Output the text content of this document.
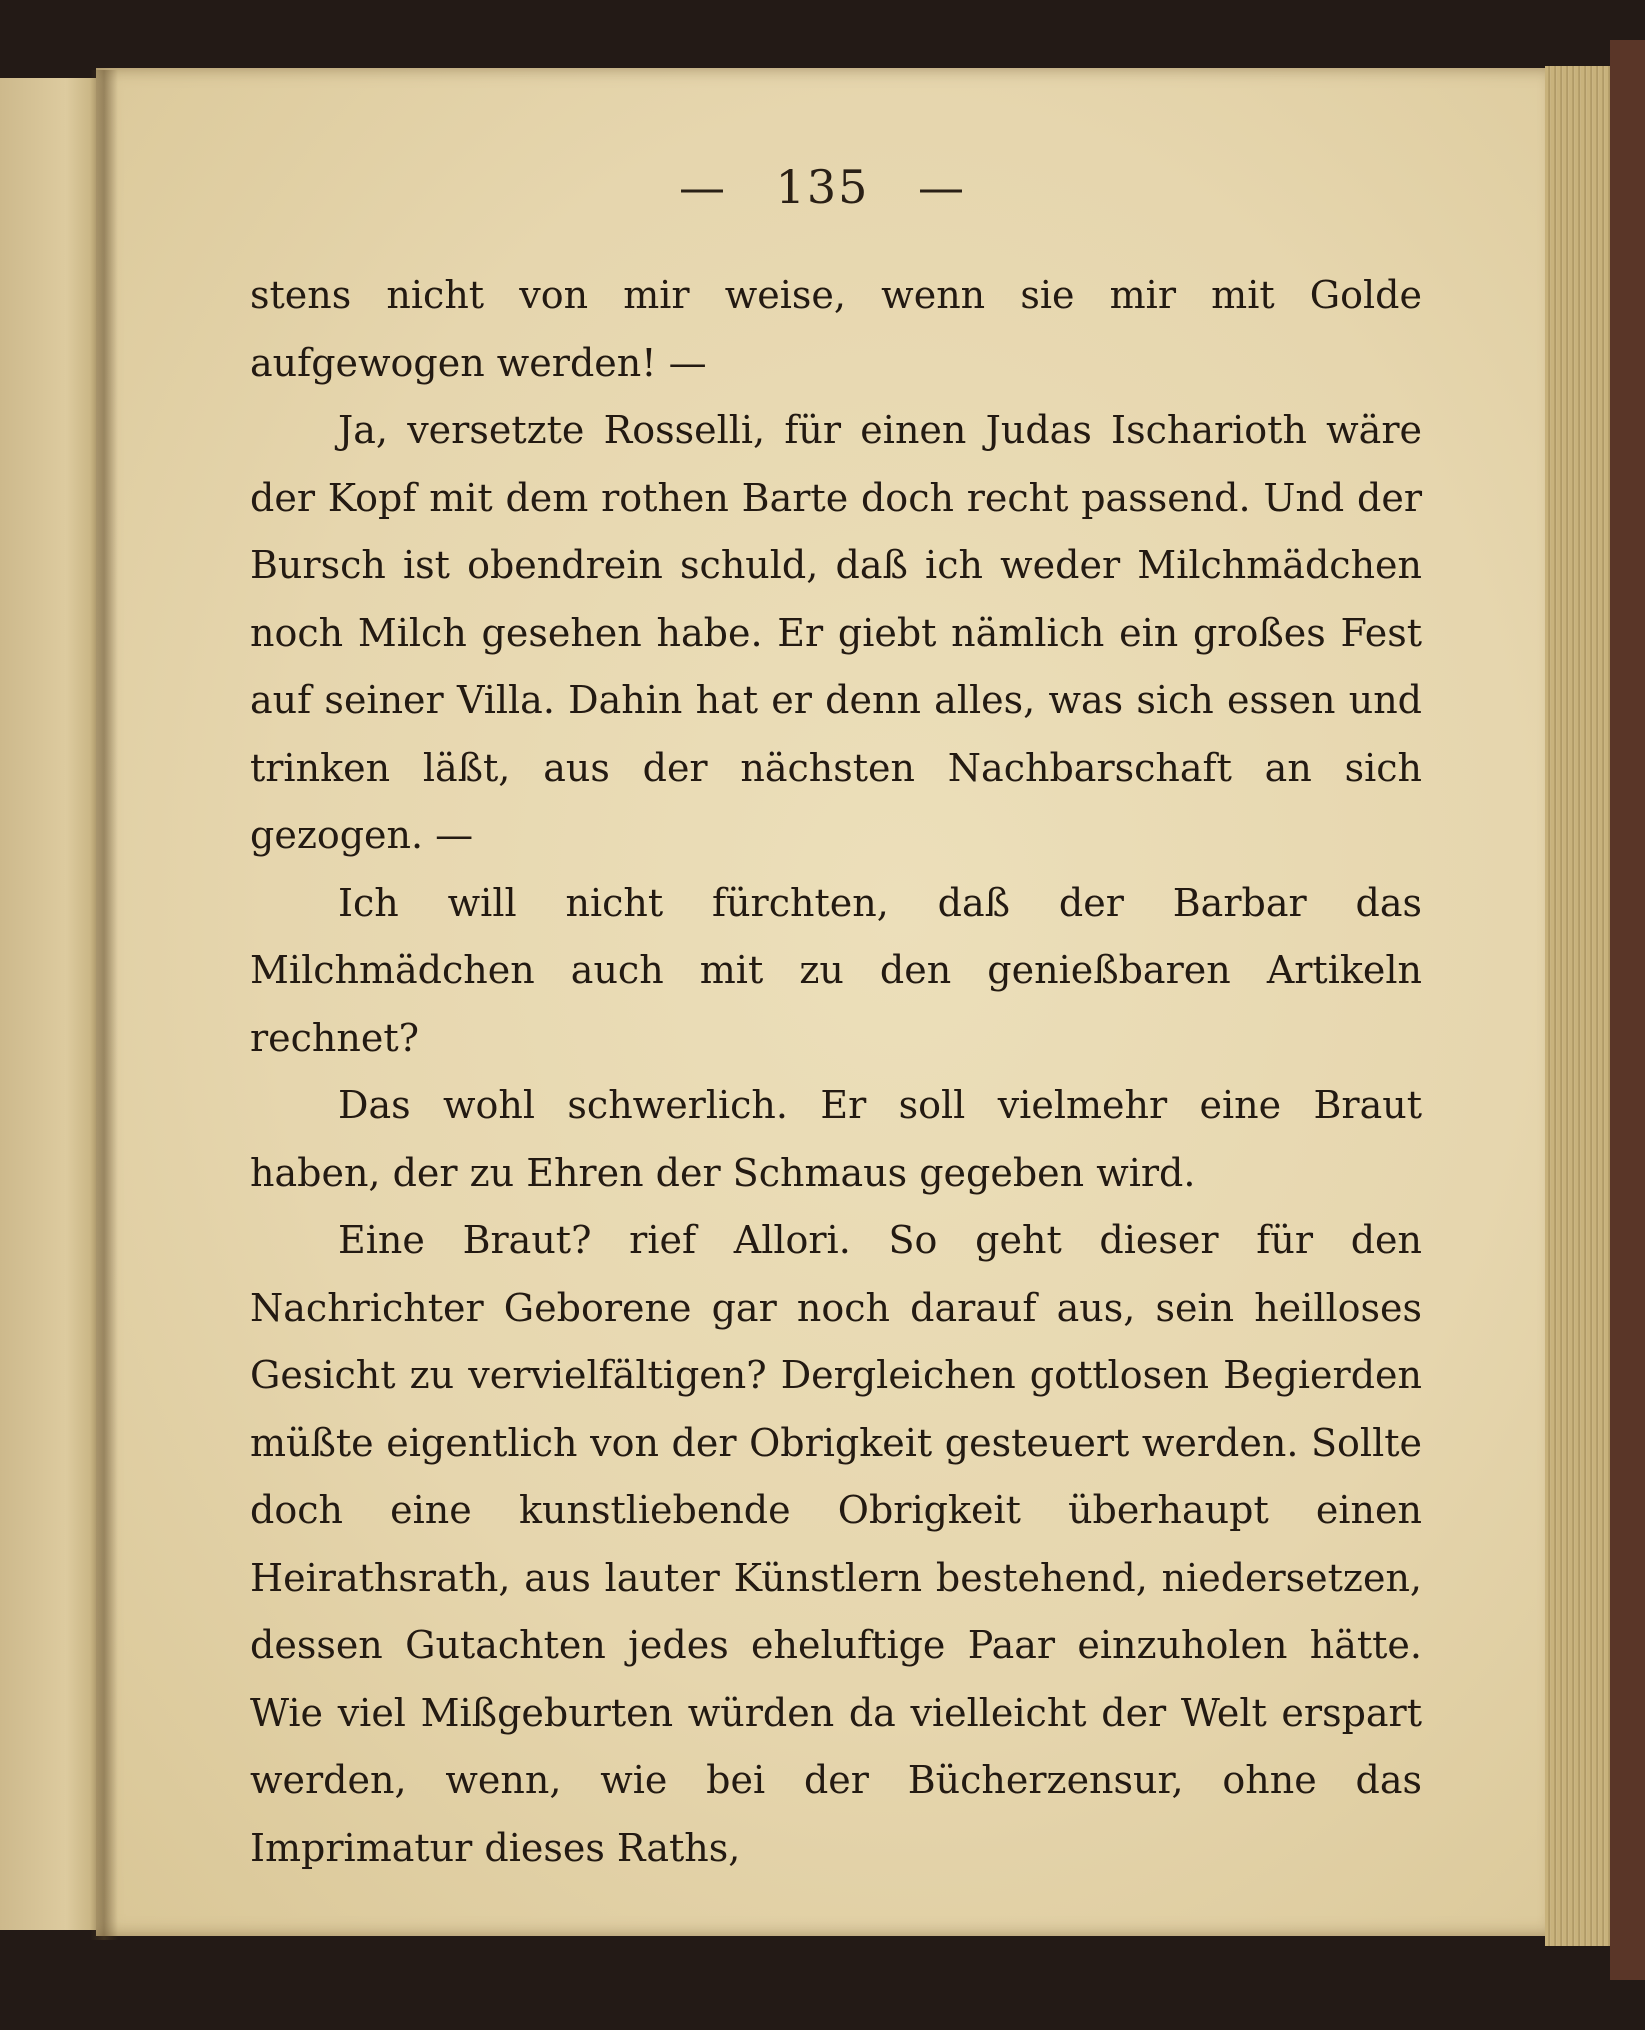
— 135 —

stens nicht von mir weise, wenn sie mir mit Golde aufgewogen werden! —

Ja, versetzte Rosselli, für einen Judas Ischarioth wäre der Kopf mit dem rothen Barte doch recht passend. Und der Bursch ist obendrein schuld, daß ich weder Milchmädchen noch Milch gesehen habe. Er giebt nämlich ein großes Fest auf seiner Villa. Dahin hat er denn alles, was sich essen und trinken läßt, aus der nächsten Nachbarschaft an sich gezogen. —

Ich will nicht fürchten, daß der Barbar das Milchmädchen auch mit zu den genießbaren Artikeln rechnet?

Das wohl schwerlich. Er soll vielmehr eine Braut haben, der zu Ehren der Schmaus gegeben wird.

Eine Braut? rief Allori. So geht dieser für den Nachrichter Geborene gar noch darauf aus, sein heilloses Gesicht zu vervielfältigen? Dergleichen gottlosen Begierden müßte eigentlich von der Obrigkeit gesteuert werden. Sollte doch eine kunstliebende Obrigkeit überhaupt einen Heirathsrath, aus lauter Künstlern bestehend, niedersetzen, dessen Gutachten jedes eheluftige Paar einzuholen hätte. Wie viel Mißgeburten würden da vielleicht der Welt erspart werden, wenn, wie bei der Bücherzensur, ohne das Imprimatur dieses Raths,
